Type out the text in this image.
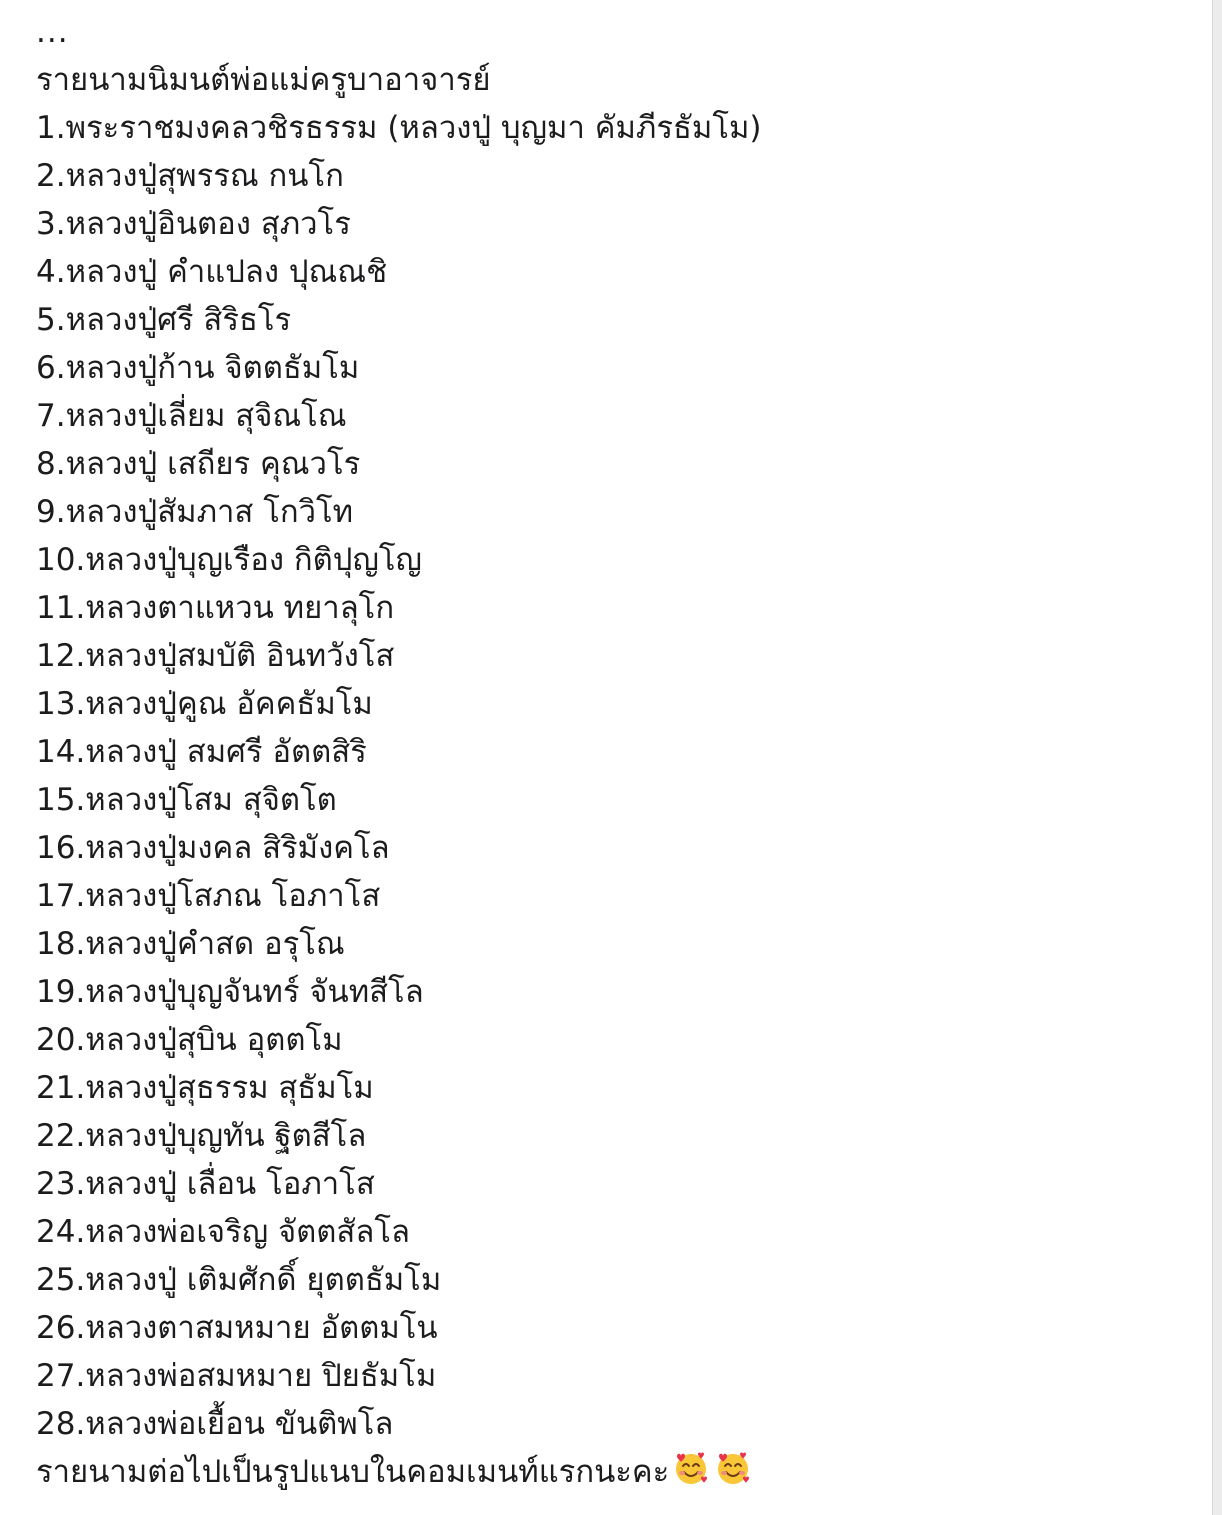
...
รายนามนิมนต์พ่อแม่ครูบาอาจารย์
1.พระราชมงคลวชิรธรรม (หลวงปู่ บุญมา คัมภีรธัมโม)
2.หลวงปู่สุพรรณ กนโก
3.หลวงปู่อินตอง สุภวโร
4.หลวงปู่ คำแปลง ปุณณชิ
5.หลวงปู่ศรี สิริธโร
6.หลวงปู่ก้าน จิตตธัมโม
7.หลวงปู่เลี่ยม สุจิณโณ
8.หลวงปู่ เสถียร คุณวโร
9.หลวงปู่สัมภาส โกวิโท
10.หลวงปู่บุญเรือง กิติปุญโญ
11.หลวงตาแหวน ทยาลุโก
12.หลวงปู่สมบัติ อินทวังโส
13.หลวงปู่คูณ อัคคธัมโม
14.หลวงปู่ สมศรี อัตตสิริ
15.หลวงปู่โสม สุจิตโต
16.หลวงปู่มงคล สิริมังคโล
17.หลวงปู่โสภณ โอภาโส
18.หลวงปู่คำสด อรุโณ
19.หลวงปู่บุญจันทร์ จันทสีโล
20.หลวงปู่สุบิน อุตตโม
21.หลวงปู่สุธรรม สุธัมโม
22.หลวงปู่บุญทัน ฐิตสีโล
23.หลวงปู่ เลื่อน โอภาโส
24.หลวงพ่อเจริญ จัตตสัลโล
25.หลวงปู่ เติมศักดิ์ ยุตตธัมโม
26.หลวงตาสมหมาย อัตตมโน
27.หลวงพ่อสมหมาย ปิยธัมโม
28.หลวงพ่อเยื้อน ขันติพโล
รายนามต่อไปเป็นรูปแนบในคอมเมนท์แรกนะคะ
